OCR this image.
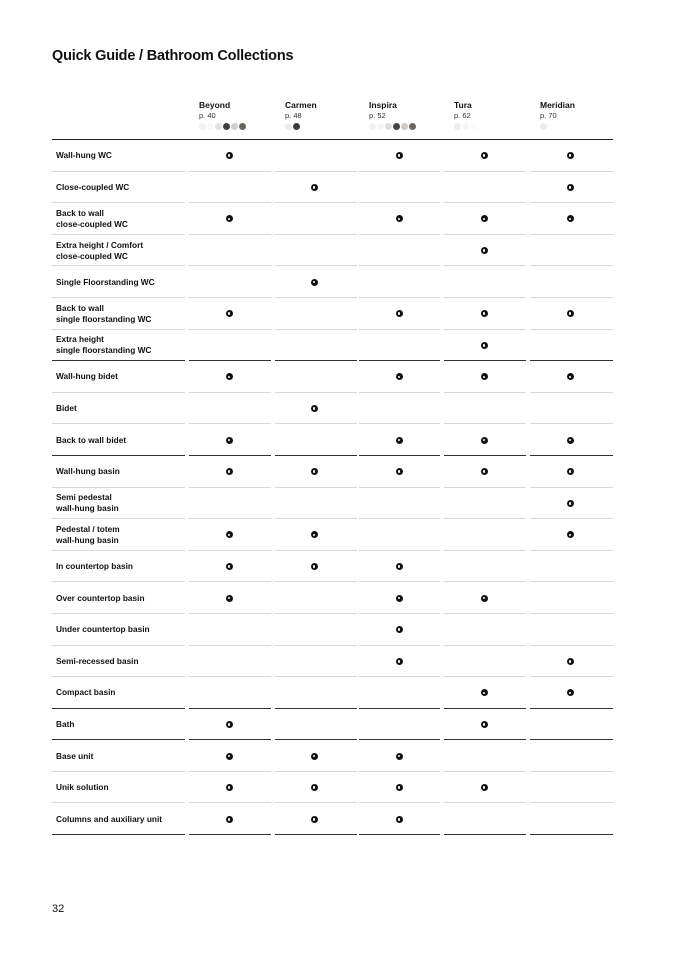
Quick Guide / Bathroom Collections
Beyond
p. 40
Carmen
p. 48
Inspira
p. 52
Tura
p. 62
Meridian
p. 70
Wall-hung WC
Close-coupled WC
Back to wall
close-coupled WC
Extra height / Comfort
close-coupled WC
Single Floorstanding WC
Back to wall
single floorstanding WC
Extra height
single floorstanding WC
Wall-hung bidet
Bidet
Back to wall bidet
Wall-hung basin
Semi pedestal
wall-hung basin
Pedestal / totem
wall-hung basin
In countertop basin
Over countertop basin
Under countertop basin
Semi-recessed basin
Compact basin
Bath
Base unit
Unik solution
Columns and auxiliary unit

32
